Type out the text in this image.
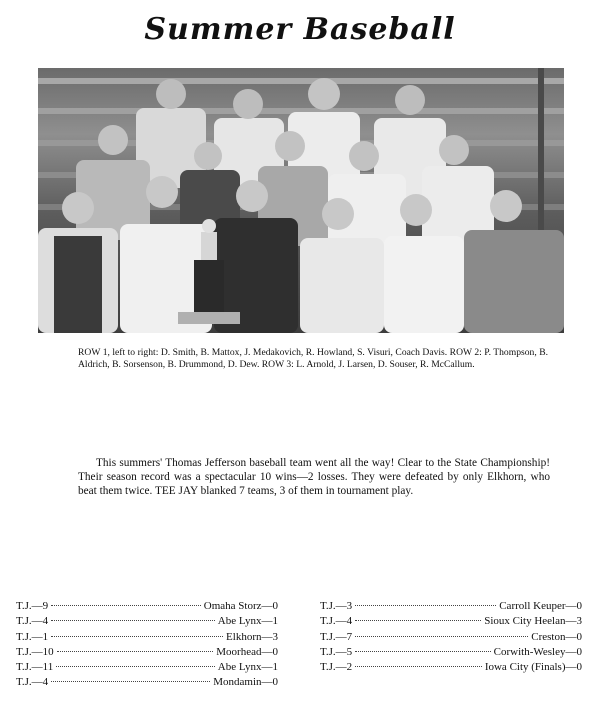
Summer Baseball
ROW 1, left to right: D. Smith, B. Mattox, J. Medakovich, R. Howland, S. Visuri, Coach Davis. ROW 2: P. Thompson, B. Aldrich, B. Sorsenson, B. Drummond, D. Dew. ROW 3: L. Arnold, J. Larsen, D. Souser, R. McCallum.
This summers' Thomas Jefferson baseball team went all the way! Clear to the State Championship! Their season record was a spectacular 10 wins—2 losses. They were defeated by only Elkhorn, who beat them twice. TEE JAY blanked 7 teams, 3 of them in tournament play.
T.J.—9	Omaha Storz—0
T.J.—4	Abe Lynx—1
T.J.—1	Elkhorn—3
T.J.—10	Moorhead—0
T.J.—11	Abe Lynx—1
T.J.—4	Mondamin—0
T.J.—3	Carroll Keuper—0
T.J.—4	Sioux City Heelan—3
T.J.—7	Creston—0
T.J.—5	Corwith-Wesley—0
T.J.—2	Iowa City (Finals)—0
